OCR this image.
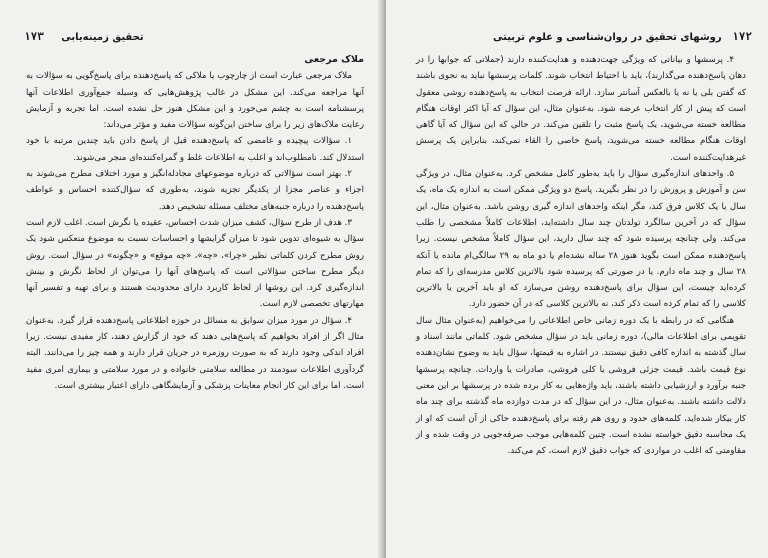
تحقیق زمینه‌یابی     ۱۷۳

ملاک مرجعی

ملاک مرجعی عبارت است از چارچوب یا ملاکی که پاسخ‌دهنده برای پاسخ‌گویی به سؤالات به آنها مراجعه می‌کند. این مشکل در غالب پژوهش‌هایی که وسیله جمع‌آوری اطلاعات آنها پرسشنامه است به چشم می‌خورد و این مشکل هنوز حل نشده است. اما تجربه و آزمایش رعایت ملاک‌های زیر را برای ساختن این‌گونه سؤالات مفید و مؤثر می‌داند:

۱. سؤالات پیچیده و غامضی که پاسخ‌دهنده قبل از پاسخ دادن باید چندین مرتبه با خود استدلال کند. نامطلوب‌اند و اغلب به اطلاعات غلط و گمراه‌کننده‌ای منجر می‌شوند.

۲. بهتر است سؤالاتی که درباره موضوعهای مجادله‌انگیز و مورد اختلاف مطرح می‌شوند به اجزاء و عناصر مجزا از یکدیگر تجزیه شوند، به‌طوری که سؤال‌کننده احساس و عواطف پاسخ‌دهنده را درباره جنبه‌های مختلف مسئله تشخیص دهد.

۳. هدف از طرح سؤال، کشف میزان شدت احساس، عقیده یا نگرش است. اغلب لازم است سؤال به شیوه‌ای تدوین شود تا میزان گرایشها و احساسات نسبت به موضوع منعکس شود یک روش مطرح کردن کلماتی نظیر «چرا»، «چه»، «چه موقع» و «چگونه» در سؤال است. روش دیگر مطرح ساختن سؤالاتی است که پاسخ‌های آنها را می‌توان از لحاظ نگرش و بینش اندازه‌گیری کرد. این روشها از لحاظ کاربرد دارای محدودیت هستند و برای تهیه و تفسیر آنها مهارتهای تخصصی لازم است.

۴. سؤال در مورد میزان سوابق به مسائل در حوزه اطلاعاتی پاسخ‌دهنده قرار گیرد. به‌عنوان مثال اگر از افراد بخواهیم که پاسخ‌هایی دهند که خود از گزارش دهند، کار مفیدی نیست. زیرا افراد اندکی وجود دارند که به صورت روزمره در جریان قرار دارند و همه چیز را می‌دانند. البته گردآوری اطلاعات سودمند در مطالعه سلامتی خانواده و در مورد سلامتی و بیماری امری مفید است. اما برای این کار انجام معاینات پزشکی و آزمایشگاهی دارای اعتبار بیشتری است.

۱۷۲   روشهای تحقیق در روان‌شناسی و علوم تربیتی

۴. پرسشها و بیاناتی که ویژگی جهت‌دهنده و هدایت‌کننده دارند (جملاتی که جوابها را در دهان پاسخ‌دهنده می‌گذارند)، باید با احتیاط انتخاب شوند. کلمات پرسشها نباید به نحوی باشند که گفتن بلی یا نه یا بالعکس آسانتر سازد. ارائه فرصت انتخاب به پاسخ‌دهنده روشی معقول است که پیش از کار انتخاب عرضه شود. به‌عنوان مثال، این سؤال که آیا اکثر اوقات هنگام مطالعه خسته می‌شوید، یک پاسخ مثبت را تلقین می‌کند. در حالی که این سؤال که آیا گاهی اوقات هنگام مطالعه خسته می‌شوید، پاسخ خاصی را القاء نمی‌کند، بنابراین یک پرسش غیرهدایت‌کننده است.

۵. واحدهای اندازه‌گیری سؤال را باید به‌طور کامل مشخص کرد. به‌عنوان مثال، در ویژگی سن و آموزش و پرورش را در نظر بگیرید. پاسخ دو ویژگی ممکن است به اندازه یک ماه، یک سال یا یک کلاس فرق کند، مگر اینکه واحدهای اندازه گیری روشن باشد. به‌عنوان مثال، این سؤال که در آخرین سالگرد تولدتان چند سال داشته‌اید، اطلاعات کاملاً مشخصی را طلب می‌کند. ولی چنانچه پرسیده شود که چند سال دارید، این سؤال کاملاً مشخص نیست. زیرا پاسخ‌دهنده ممکن است بگوید هنوز ۲۸ ساله نشده‌ام یا دو ماه به ۲۹ سالگی‌ام مانده یا آنکه ۲۸ سال و چند ماه دارم. یا در صورتی که پرسیده شود بالاترین کلاس مدرسه‌ای را که تمام کرده‌اید چیست، این سؤال برای پاسخ‌دهنده روشن می‌سازد که او باید آخرین یا بالاترین کلاسی را که تمام کرده است ذکر کند، نه بالاترین کلاسی که در آن حضور دارد.

هنگامی که در رابطه با یک دوره زمانی خاص اطلاعاتی را می‌خواهیم (به‌عنوان مثال سال تقویمی برای اطلاعات مالی)، دوره زمانی باید در سؤال مشخص شود. کلماتی مانند اسناد و سال گذشته به اندازه کافی دقیق نیستند. در اشاره به قیمتها، سؤال باید به وضوح نشان‌دهنده نوع قیمت باشد. قیمت جزئی فروشی یا کلی فروشی، صادرات یا واردات. چنانچه پرسشها جنبه برآورد و ارزشیابی داشته باشند، باید واژه‌هایی به کار برده شده در پرسشها بر این معنی دلالت داشته باشند. به‌عنوان مثال، در این سؤال که در مدت دوازده ماه گذشته برای چند ماه کار بیکار شده‌اید، کلمه‌های حدود و روی هم رفته برای پاسخ‌دهنده حاکی از آن است که او از یک محاسبه دقیق خواسته نشده است. چنین کلمه‌هایی موجب صرفه‌جویی در وقت شده و از مقاومتی که اغلب در مواردی که جواب دقیق لازم است، کم می‌کند.
